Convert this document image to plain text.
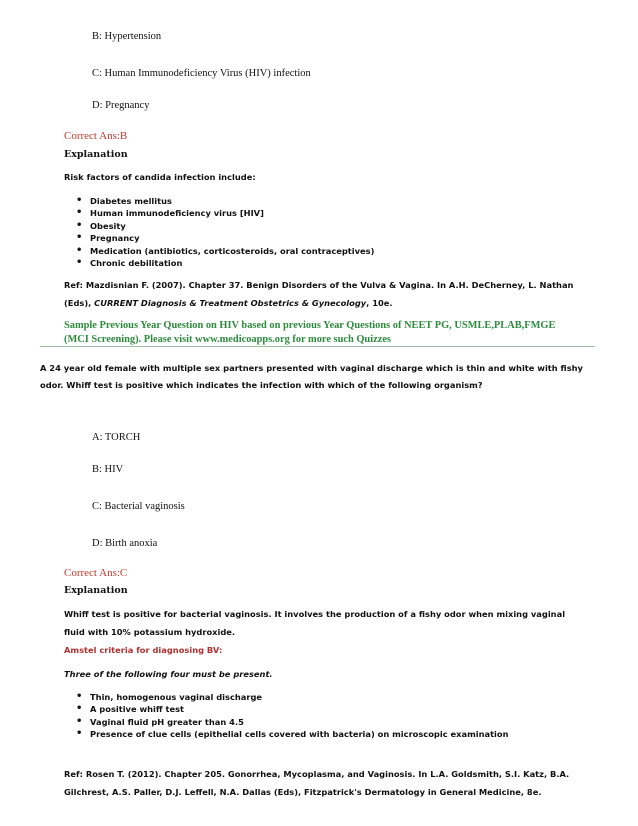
B: Hypertension
C: Human Immunodeficiency Virus (HIV) infection
D: Pregnancy
Correct Ans:B
Explanation
Risk factors of candida infection include:
• Diabetes mellitus
• Human immunodeficiency virus [HIV]
• Obesity
• Pregnancy
• Medication (antibiotics, corticosteroids, oral contraceptives)
• Chronic debilitation
Ref: Mazdisnian F. (2007). Chapter 37. Benign Disorders of the Vulva & Vagina. In A.H. DeCherney, L. Nathan (Eds), CURRENT Diagnosis & Treatment Obstetrics & Gynecology, 10e.
Sample Previous Year Question on HIV based on previous Year Questions of NEET PG, USMLE,PLAB,FMGE
(MCI Screening). Please visit www.medicoapps.org for more such Quizzes
A 24 year old female with multiple sex partners presented with vaginal discharge which is thin and white with fishy odor. Whiff test is positive which indicates the infection with which of the following organism?
A: TORCH
B: HIV
C: Bacterial vaginosis
D: Birth anoxia
Correct Ans:C
Explanation
Whiff test is positive for bacterial vaginosis. It involves the production of a fishy odor when mixing vaginal fluid with 10% potassium hydroxide.
Amstel criteria for diagnosing BV:
Three of the following four must be present.
• Thin, homogenous vaginal discharge
• A positive whiff test
• Vaginal fluid pH greater than 4.5
• Presence of clue cells (epithelial cells covered with bacteria) on microscopic examination
Ref: Rosen T. (2012). Chapter 205. Gonorrhea, Mycoplasma, and Vaginosis. In L.A. Goldsmith, S.I. Katz, B.A. Gilchrest, A.S. Paller, D.J. Leffell, N.A. Dallas (Eds), Fitzpatrick's Dermatology in General Medicine, 8e.
